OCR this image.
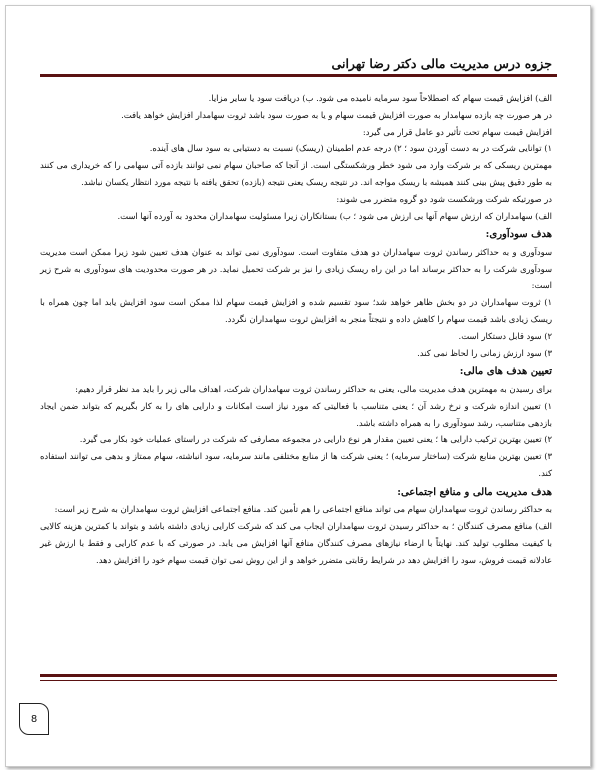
جزوه درس مدیریت مالی دکتر رضا تهرانی

الف) افزایش قیمت سهام که اصطلاحاً سود سرمایه نامیده می شود. ب) دریافت سود یا سایر مزایا.

در هر صورت چه بازده سهامدار به صورت افزایش قیمت سهام و یا به صورت سود باشد ثروت سهامدار افزایش خواهد یافت.

افزایش قیمت سهام تحت تأثیر دو عامل قرار می گیرد:

۱) توانایی شرکت در به دست آوردن سود ؛ ۲) درجه عدم اطمینان (ریسک) نسبت به دستیابی به سود سال های آینده.

مهمترین ریسکی که بر شرکت وارد می شود خطر ورشکستگی است. از آنجا که صاحبان سهام نمی توانند بازده آتی سهامی را که خریداری می کنند به طور دقیق پیش بینی کنند همیشه با ریسک مواجه اند. در نتیجه ریسک یعنی نتیجه (بازده) تحقق یافته با نتیجه مورد انتظار یکسان نباشد.

در صورتیکه شرکت ورشکست شود دو گروه متضرر می شوند:

الف) سهامداران که ارزش سهام آنها بی ارزش می شود ؛ ب) بستانکاران زیرا مسئولیت سهامداران محدود به آورده آنها است.

هدف سودآوری:

سودآوری و به حداکثر رساندن ثروت سهامداران دو هدف متفاوت است. سودآوری نمی تواند به عنوان هدف تعیین شود زیرا ممکن است مدیریت سودآوری شرکت را به حداکثر برساند اما در این راه ریسک زیادی را نیز بر شرکت تحمیل نماید. در هر صورت محدودیت های سودآوری به شرح زیر است:

۱) ثروت سهامداران در دو بخش ظاهر خواهد شد؛ سود تقسیم شده و افزایش قیمت سهام لذا ممکن است سود افزایش یابد اما چون همراه با ریسک زیادی باشد قیمت سهام را کاهش داده و نتیجتاً منجر به افزایش ثروت سهامداران نگردد.

۲) سود قابل دستکار است.

۳) سود ارزش زمانی را لحاظ نمی کند.

تعیین هدف های مالی:

برای رسیدن به مهمترین هدف مدیریت مالی، یعنی به حداکثر رساندن ثروت سهامداران شرکت، اهداف مالی زیر را باید مد نظر قرار دهیم:

۱) تعیین اندازه شرکت و نرخ رشد آن ؛ یعنی متناسب با فعالیتی که مورد نیاز است امکانات و دارایی های را به کار بگیریم که بتواند ضمن ایجاد بازدهی متناسب، رشد سودآوری را به همراه داشته باشد.

۲) تعیین بهترین ترکیب دارایی ها ؛ یعنی تعیین مقدار هر نوع دارایی در مجموعه مصارفی که شرکت در راستای عملیات خود بکار می گیرد.

۳) تعیین بهترین منابع شرکت (ساختار سرمایه) ؛ یعنی شرکت ها از منابع مختلفی مانند سرمایه، سود انباشته، سهام ممتاز و بدهی می توانند استفاده کند.

هدف مدیریت مالی و منافع اجتماعی:

به حداکثر رساندن ثروت سهامداران سهام می تواند منافع اجتماعی را هم تأمین کند. منافع اجتماعی افزایش ثروت سهامداران به شرح زیر است:

الف) منافع مصرف کنندگان ؛ به حداکثر رسیدن ثروت سهامداران ایجاب می کند که شرکت کارایی زیادی داشته باشد و بتواند با کمترین هزینه کالایی با کیفیت مطلوب تولید کند. نهایتاً با ارضاء نیازهای مصرف کنندگان منافع آنها افزایش می یابد. در صورتی که با عدم کارایی و فقط با ارزش غیر عادلانه قیمت فروش، سود را افزایش دهد در شرایط رقابتی متضرر خواهد و از این روش نمی توان قیمت سهام خود را افزایش دهد.

8
